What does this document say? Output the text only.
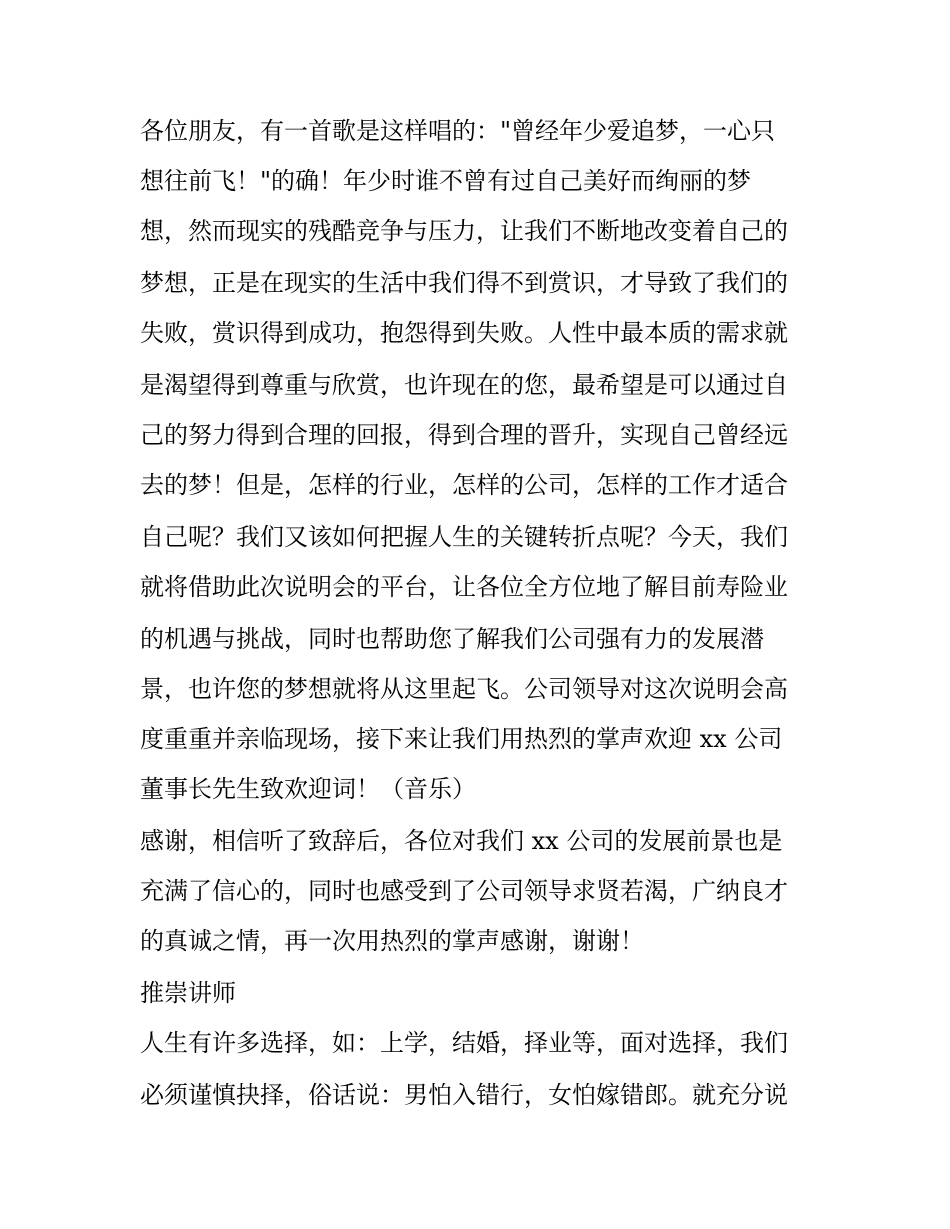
各位朋友，有一首歌是这样唱的："曾经年少爱追梦，一心只
想往前飞！"的确！年少时谁不曾有过自己美好而绚丽的梦
想，然而现实的残酷竞争与压力，让我们不断地改变着自己的
梦想，正是在现实的生活中我们得不到赏识，才导致了我们的
失败，赏识得到成功，抱怨得到失败。人性中最本质的需求就
是渴望得到尊重与欣赏，也许现在的您，最希望是可以通过自
己的努力得到合理的回报，得到合理的晋升，实现自己曾经远
去的梦！但是，怎样的行业，怎样的公司，怎样的工作才适合
自己呢？我们又该如何把握人生的关键转折点呢？今天，我们
就将借助此次说明会的平台，让各位全方位地了解目前寿险业
的机遇与挑战，同时也帮助您了解我们公司强有力的发展潜
景，也许您的梦想就将从这里起飞。公司领导对这次说明会高
度重重并亲临现场，接下来让我们用热烈的掌声欢迎 xx 公司
董事长先生致欢迎词！（音乐）
感谢，相信听了致辞后，各位对我们 xx 公司的发展前景也是
充满了信心的，同时也感受到了公司领导求贤若渴，广纳良才
的真诚之情，再一次用热烈的掌声感谢，谢谢！
推崇讲师
人生有许多选择，如：上学，结婚，择业等，面对选择，我们
必须谨慎抉择，俗话说：男怕入错行，女怕嫁错郎。就充分说
